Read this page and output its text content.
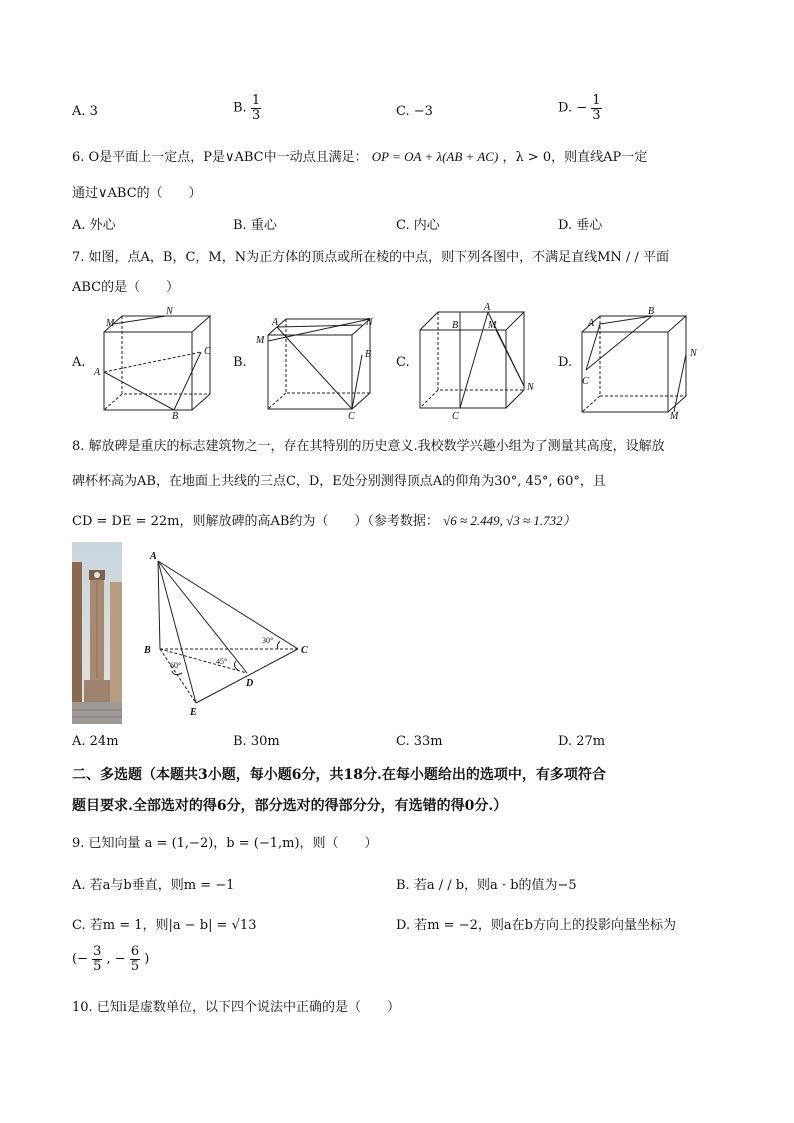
A. 3	B. $\frac{1}{3}$	C. −3	D. − $\frac{1}{3}$
6. O是平面上一定点，P是∨ABC中一动点且满足： OP = OA + λ(AB + AC) ，λ > 0，则直线AP一定
通过∨ABC的（　　）
A. 外心	B. 重心	C. 内心	D. 垂心
7. 如图，点A，B，C，M，N为正方体的顶点或所在棱的中点，则下列各图中，不满足直线MN / / 平面
ABC的是（　　）
A.	B.	C.	D.
M
N
A
B
C
A
M
N
B
C
A
B	M
N
C
A
B
C
N
M
8. 解放碑是重庆的标志建筑物之一，存在其特别的历史意义.我校数学兴趣小组为了测量其高度，设解放
碑杯杯高为AB，在地面上共线的三点C，D，E处分别测得顶点A的仰角为30°, 45°, 60°，且
CD = DE = 22m，则解放碑的高AB约为（　　）（参考数据： √6 ≈ 2.449, √3 ≈ 1.732）
A
B	C
D
E
30°
45°
60°
A. 24m	B. 30m	C. 33m	D. 27m
二、多选题（本题共3小题，每小题6分，共18分.在每小题给出的选项中，有多项符合
题目要求.全部选对的得6分，部分选对的得部分分，有选错的得0分.）
9. 已知向量 a = (1,−2)，b = (−1,m)，则（　　）
A. 若a与b垂直，则m = −1	B. 若a / / b，则a · b的值为−5
C. 若m = 1，则|a − b| = √13	D. 若m = −2，则a在b方向上的投影向量坐标为
(− $\frac{3}{5}$ , − $\frac{6}{5}$ )
10. 已知i是虚数单位，以下四个说法中正确的是（　　）
